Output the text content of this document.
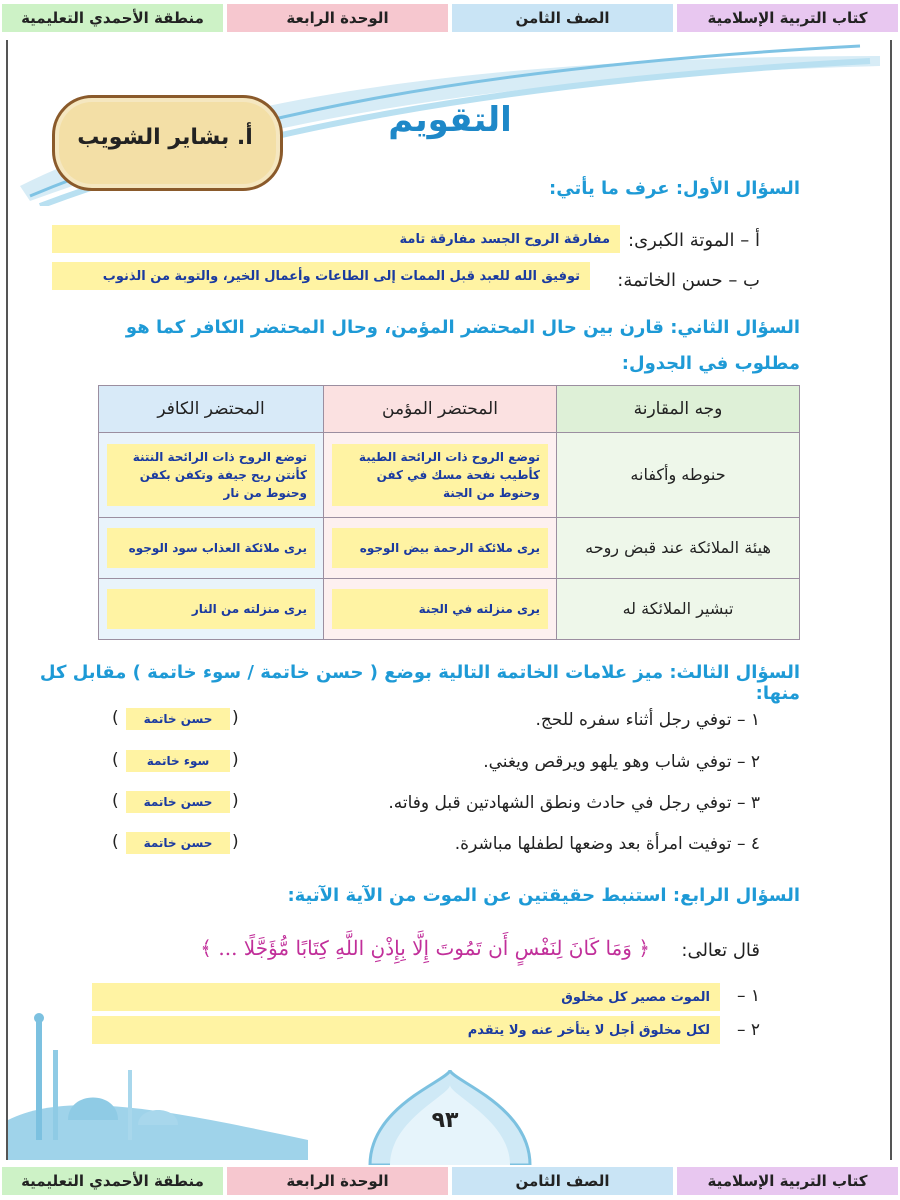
كتاب التربية الإسلامية
الصف الثامن
الوحدة الرابعة
منطقة الأحمدي التعليمية
أ. بشاير الشويب	التقويم
السؤال الأول: عرف ما يأتي:
أ – الموتة الكبرى:
مفارقة الروح الجسد مفارقة تامة
ب – حسن الخاتمة:
توفيق الله للعبد قبل الممات إلى الطاعات وأعمال الخير، والتوبة من الذنوب
السؤال الثاني: قارن بين حال المحتضر المؤمن، وحال المحتضر الكافر كما هو مطلوب في الجدول:
وجه المقارنة	المحتضر المؤمن	المحتضر الكافر
حنوطه وأكفانه	توضع الروح ذات الرائحة الطيبة كأطيب نفحة مسك في كفن وحنوط من الجنة	توضع الروح ذات الرائحة النتنة كأنتن ريح جيفة وتكفن بكفن وحنوط من نار

هيئة الملائكة عند قبض روحه	يرى ملائكة الرحمة بيض الوجوه	يرى ملائكة العذاب سود الوجوه

تبشير الملائكة له	يرى منزلته في الجنة	يرى منزلته من النار
السؤال الثالث: ميز علامات الخاتمة التالية بوضع ( حسن خاتمة / سوء خاتمة ) مقابل كل منها:
١ – توفي رجل أثناء سفره للحج.
(
حسن خاتمة
)
٢ – توفي شاب وهو يلهو ويرقص ويغني.
(
سوء خاتمة
)
٣ – توفي رجل في حادث ونطق الشهادتين قبل وفاته.
(
حسن خاتمة
)
٤ – توفيت امرأة بعد وضعها لطفلها مباشرة.
(
حسن خاتمة
)
السؤال الرابع: استنبط حقيقتين عن الموت من الآية الآتية:
قال تعالى:
﴿ وَمَا كَانَ لِنَفْسٍ أَن تَمُوتَ إِلَّا بِإِذْنِ اللَّهِ كِتَابًا مُّؤَجَّلًا ... ﴾
١ –
الموت مصير كل مخلوق
٢ –
لكل مخلوق أجل لا يتأخر عنه ولا يتقدم
٩٣
كتاب التربية الإسلامية
الصف الثامن
الوحدة الرابعة
منطقة الأحمدي التعليمية
